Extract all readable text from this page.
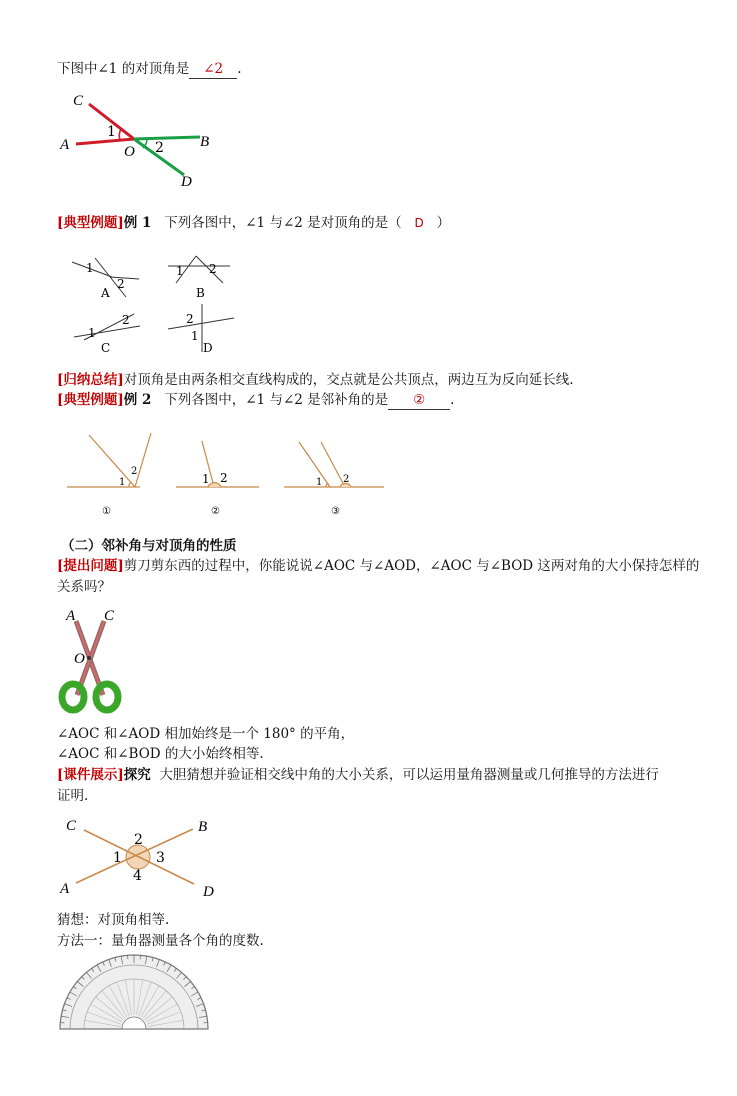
下图中∠1 的对顶角是 ∠2 .
C
A	O
B
D
1
2
[典型例题]例 1 下列各图中，∠1 与∠2 是对顶角的是（ D ）
1
2
A
1 2
B
1
2
C
2
1
D
[归纳总结]对顶角是由两条相交直线构成的，交点就是公共顶点，两边互为反向延长线.
[典型例题]例 2 下列各图中，∠1 与∠2 是邻补角的是 ② .
1
2
①
1 2
②
1 2
③
（二）邻补角与对顶角的性质
[提出问题]剪刀剪东西的过程中，你能说说∠AOC 与∠AOD，∠AOC 与∠BOD 这两对角的大小保持怎样的
关系吗？
A C
O
D B
∠AOC 和∠AOD 相加始终是一个 180° 的平角，
∠AOC 和∠BOD 的大小始终相等.
[课件展示]探究 大胆猜想并验证相交线中角的大小关系，可以运用量角器测量或几何推导的方法进行
证明.
C	B
A	D
2
1 3
4
猜想：对顶角相等.
方法一：量角器测量各个角的度数.
